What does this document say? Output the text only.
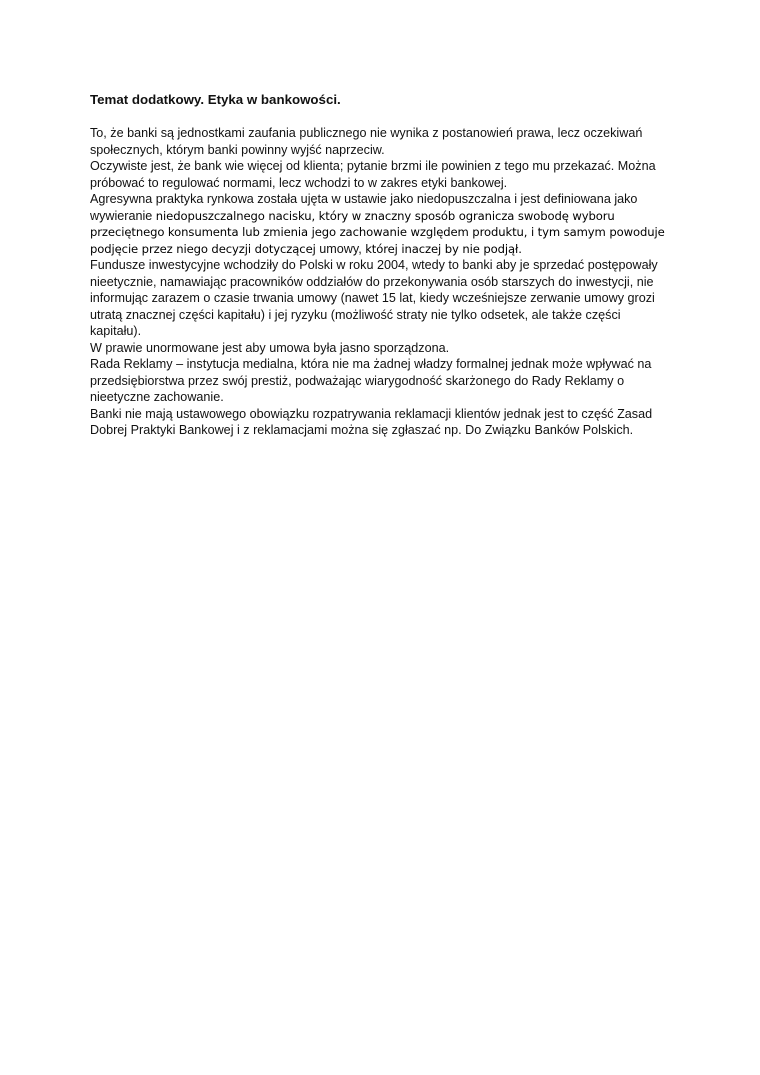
Temat dodatkowy. Etyka w bankowości.
To, że banki są jednostkami zaufania publicznego nie wynika z postanowień prawa, lecz oczekiwań
społecznych, którym banki powinny wyjść naprzeciw.
Oczywiste jest, że bank wie więcej od klienta; pytanie brzmi ile powinien z tego mu przekazać. Można
próbować to regulować normami, lecz wchodzi to w zakres etyki bankowej.
Agresywna praktyka rynkowa została ujęta w ustawie jako niedopuszczalna i jest definiowana jako
wywieranie niedopuszczalnego nacisku, który w znaczny sposób ogranicza swobodę wyboru
przeciętnego konsumenta lub zmienia jego zachowanie względem produktu, i tym samym powoduje
podjęcie przez niego decyzji dotyczącej umowy, której inaczej by nie podjął.
Fundusze inwestycyjne wchodziły do Polski w roku 2004, wtedy to banki aby je sprzedać postępowały
nieetycznie, namawiając pracowników oddziałów do przekonywania osób starszych do inwestycji, nie
informując zarazem o czasie trwania umowy (nawet 15 lat, kiedy wcześniejsze zerwanie umowy grozi
utratą znacznej części kapitału) i jej ryzyku (możliwość straty nie tylko odsetek, ale także części
kapitału).
W prawie unormowane jest aby umowa była jasno sporządzona.
Rada Reklamy – instytucja medialna, która nie ma żadnej władzy formalnej jednak może wpływać na
przedsiębiorstwa przez swój prestiż, podważając wiarygodność skarżonego do Rady Reklamy o
nieetyczne zachowanie.
Banki nie mają ustawowego obowiązku rozpatrywania reklamacji klientów jednak jest to część Zasad
Dobrej Praktyki Bankowej i z reklamacjami można się zgłaszać np. Do Związku Banków Polskich.
